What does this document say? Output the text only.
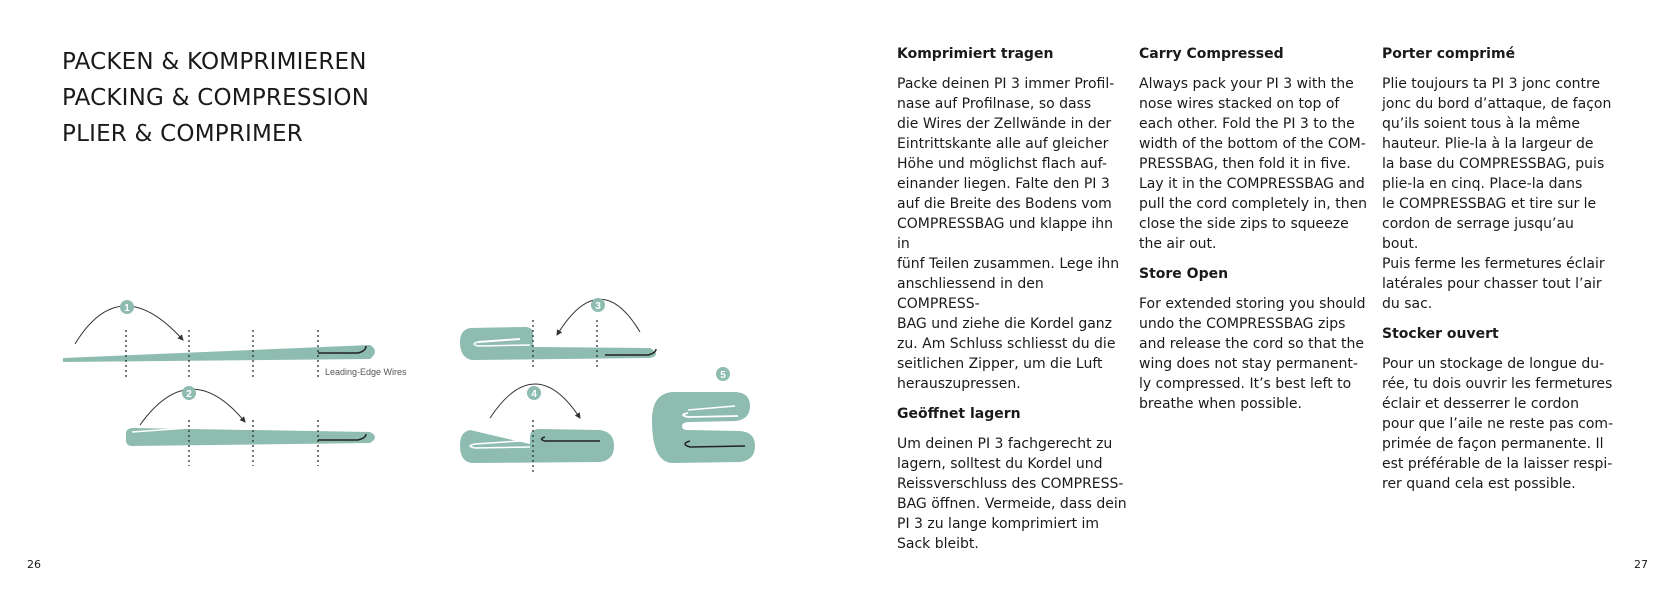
PACKEN & KOMPRIMIEREN
PACKING & COMPRESSION
PLIER & COMPRIMER
1
Leading-Edge Wires
2
3
4
5
Komprimiert tragen

Packe deinen PI 3 immer Profil-
nase auf Profilnase, so dass
die Wires der Zellwände in der
Eintrittskante alle auf gleicher
Höhe und möglichst flach auf-
einander liegen. Falte den PI 3
auf die Breite des Bodens vom
COMPRESSBAG und klappe ihn in
fünf Teilen zusammen. Lege ihn
anschliessend in den COMPRESS-
BAG und ziehe die Kordel ganz
zu. Am Schluss schliesst du die
seitlichen Zipper, um die Luft
herauszupressen.

Geöffnet lagern

Um deinen PI 3 fachgerecht zu
lagern, solltest du Kordel und
Reissverschluss des COMPRESS-
BAG öffnen. Vermeide, dass dein
PI 3 zu lange komprimiert im
Sack bleibt.

Carry Compressed

Always pack your PI 3 with the
nose wires stacked on top of
each other. Fold the PI 3 to the
width of the bottom of the COM-
PRESSBAG, then fold it in five.
Lay it in the COMPRESSBAG and
pull the cord completely in, then
close the side zips to squeeze
the air out.

Store Open

For extended storing you should
undo the COMPRESSBAG zips
and release the cord so that the
wing does not stay permanent-
ly compressed. It’s best left to
breathe when possible.

Porter comprimé

Plie toujours ta PI 3 jonc contre
jonc du bord d’attaque, de façon
qu’ils soient tous à la même
hauteur. Plie-la à la largeur de
la base du COMPRESSBAG, puis
plie-la en cinq. Place-la dans
le COMPRESSBAG et tire sur le
cordon de serrage jusqu’au bout.
Puis ferme les fermetures éclair
latérales pour chasser tout l’air
du sac.

Stocker ouvert

Pour un stockage de longue du-
rée, tu dois ouvrir les fermetures
éclair et desserrer le cordon
pour que l’aile ne reste pas com-
primée de façon permanente. Il
est préférable de la laisser respi-
rer quand cela est possible.

26	27
